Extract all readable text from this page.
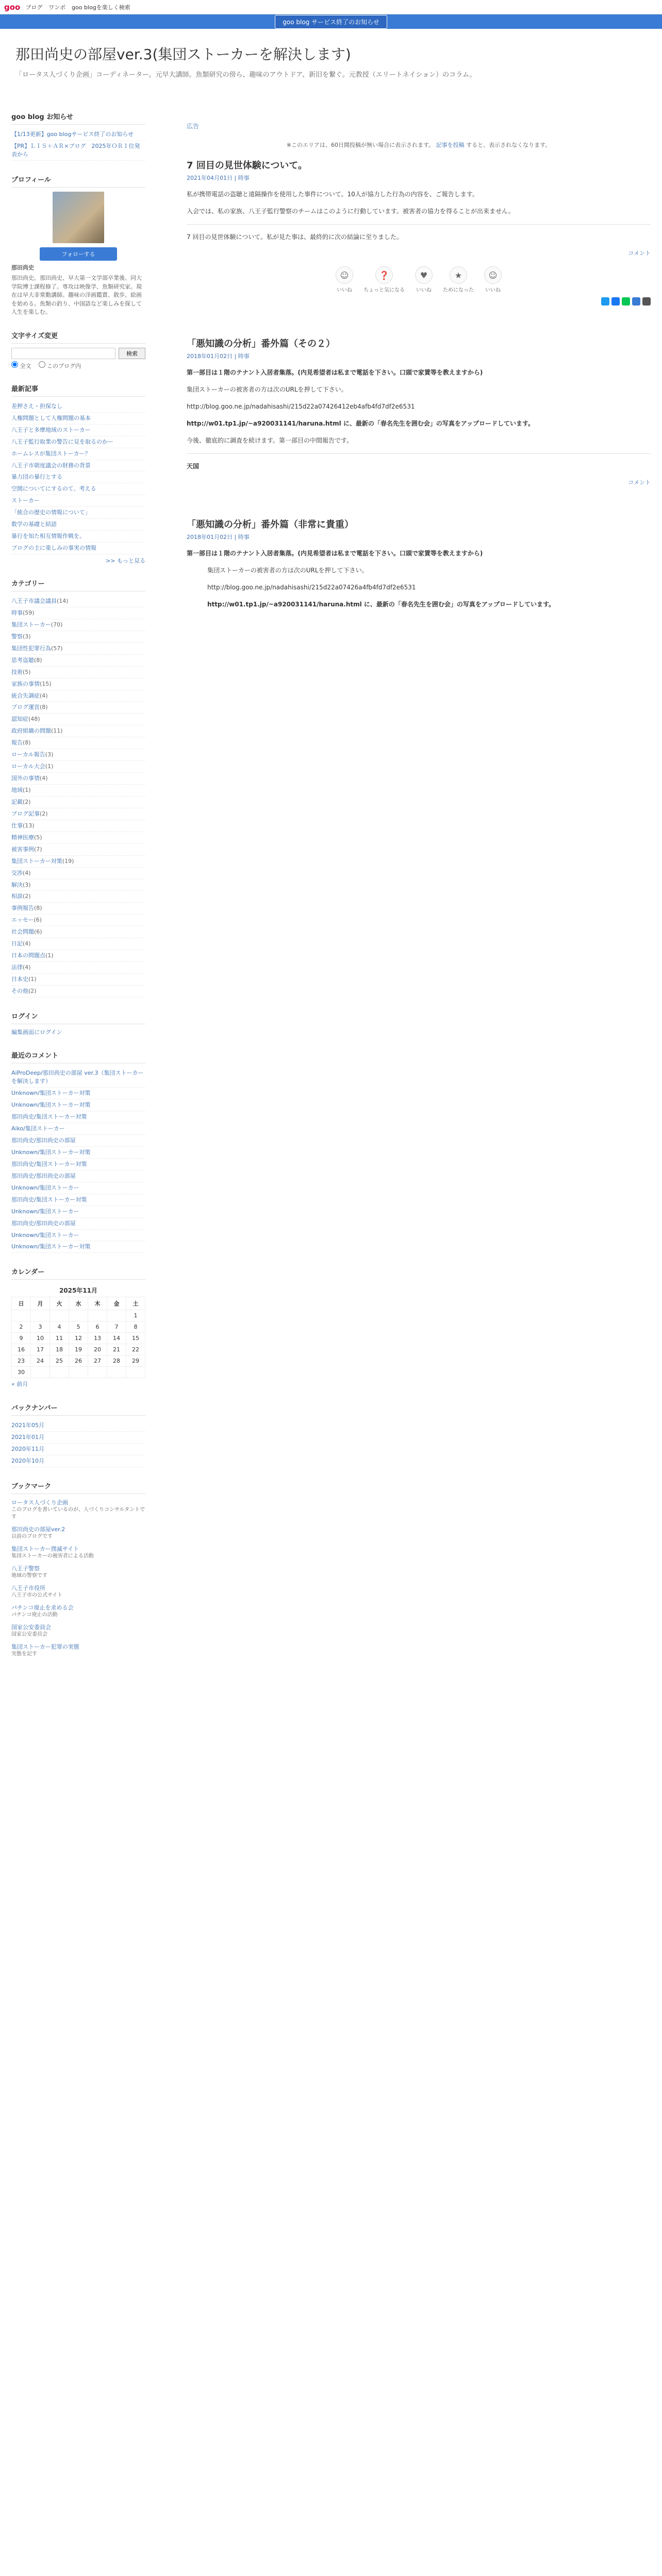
goo ブログ ワンポ goo blogを楽しく検索
goo blog サービス終了のお知らせ
那田尚史の部屋ver.3(集団ストーカーを解決します)
「ロータス人づくり企画」コーディネーター。元早大講師。魚類研究の傍ら、趣味のアウトドア、新旧を繋ぐ。元教授（エリートネイション）のコラム。
goo blog お知らせ
【1/13更新】goo blogサービス終了のお知らせ
【PR】ＬＩＳ＋ＡＲ×ブログ　2025年ＯＲ１位発表から
プロフィール
フォローする
那田尚史
那田尚史。那田尚史、早大第一文学部卒業後、同大学院博士課程修了。専攻は映像学、魚類研究家。現在は早大非常勤講師。趣味の洋画鑑賞、散歩、絵画を始める。魚類の釣り、中国語など楽しみを探して人生を楽しむ。
文字サイズ変更
検索
全文	このブログ内
最新記事
差押さえ・担保なし
人権問題として人権問題の基本
八王子と多摩地域のストーカー
八王子監行取業の警告に見を取るのかー
ホームレスが集団ストーカー？
八王子市朝度議会の財務の背景
暴力団の暴行とする
空間についてにするのて、考える
ストーカー
「統合の歴史の情報について」
数学の基礎と結語
暴行を知た相互情報作戦を。
ブログの主に楽しみの事実の情報
>> もっと見る
カテゴリー
八王子市議会議員(14)
時事(59)
集団ストーカー(70)
警察(3)
集団性犯罪行為(57)
思考盗聴(8)
技術(5)
家族の事情(15)
統合失調症(4)
ブログ運営(8)
認知症(48)
政府組織の問題(11)
報告(8)
ローカル報告(3)
ローカル大会(1)
国外の事情(4)
地域(1)
記載(2)
ブログ記事(2)
仕事(13)
精神医療(5)
被害事例(7)
集団ストーカー対策(19)
交渉(4)
解決(3)
相談(2)
事例報告(8)
エッセー(6)
社会問題(6)
日記(4)
日本の問題点(1)
法律(4)
日本史(1)
その他(2)
ログイン
編集画面にログイン
最近のコメント
AiProDeep/那田尚史の部屋 ver.3（集団ストーカーを解決します）
Unknown/集団ストーカー対策
Unknown/集団ストーカー対策
那田尚史/集団ストーカー対策
Aiko/集団ストーカー
那田尚史/那田尚史の部屋
Unknown/集団ストーカー対策
那田尚史/集団ストーカー対策
那田尚史/那田尚史の部屋
Unknown/集団ストーカー
那田尚史/集団ストーカー対策
Unknown/集団ストーカー
那田尚史/那田尚史の部屋
Unknown/集団ストーカー
Unknown/集団ストーカー対策
カレンダー
2025年11月
日	月	火	水	木	金	土
						1
2	3	4	5	6	7	8
9	10	11	12	13	14	15
16	17	18	19	20	21	22
23	24	25	26	27	28	29
30						
« 前月
バックナンバー
2021年05月
2021年01月
2020年11月
2020年10月
ブックマーク
ロータス人づくり企画
このブログを書いているのが、人づくりコンサルタントです
那田尚史の部屋ver.2
以前のブログです
集団ストーカー撲滅サイト
集団ストーカーの被害者による活動
八王子警察
地域の警察です
八王子市役所
八王子市の公式サイト
パチンコ廃止を求める会
パチンコ廃止の活動
国家公安委員会
国家公安委員会
集団ストーカー犯罪の実態
実態を記す
広告
※このエリアは、60日間投稿が無い場合に表示されます。 記事を投稿 すると、表示されなくなります。
7 回目の見世体験について。
2021年04月01日 | 時事

私が携帯電話の盗聴と遠隔操作を使用した事件について。10人が協力した行為の内容を、ご報告します。

入会では、私の家族、八王子監行警察のチームはこのように行動しています。被害者の協力を得ることが出来ません。

7 回目の見世体験について。私が見た事は、最終的に次の結論に至りました。

コメント
☺
いいね
❓
ちょっと気になる
♥
いいね
★
ためになった
☺
いいね
「悪知識の分析」番外篇（その２）
2018年01月02日 | 時事

第一部目は１階のテナント入居者集落。(内見希望者は私まで電話を下さい。口頭で家賃等を教えますから)

集団ストーカーの被害者の方は次のURLを押して下さい。

http://blog.goo.ne.jp/nadahisashi/215d22a07426412eb4afb4fd7df2e6531

http://w01.tp1.jp/~a920031141/haruna.html に、最新の「春名先生を囲む会」の写真をアップロードしています。

今後、徹底的に調査を続けます。第一部目の中間報告です。

天国

コメント
「悪知識の分析」番外篇（非常に貴重）
2018年01月02日 | 時事

第一部目は１階のテナント入居者集落。(内見希望者は私まで電話を下さい。口頭で家賃等を教えますから)

集団ストーカーの被害者の方は次のURLを押して下さい。

http://blog.goo.ne.jp/nadahisashi/215d22a07426a4fb4fd7df2e6531

http://w01.tp1.jp/~a920031141/haruna.html に、最新の「春名先生を囲む会」の写真をアップロードしています。
